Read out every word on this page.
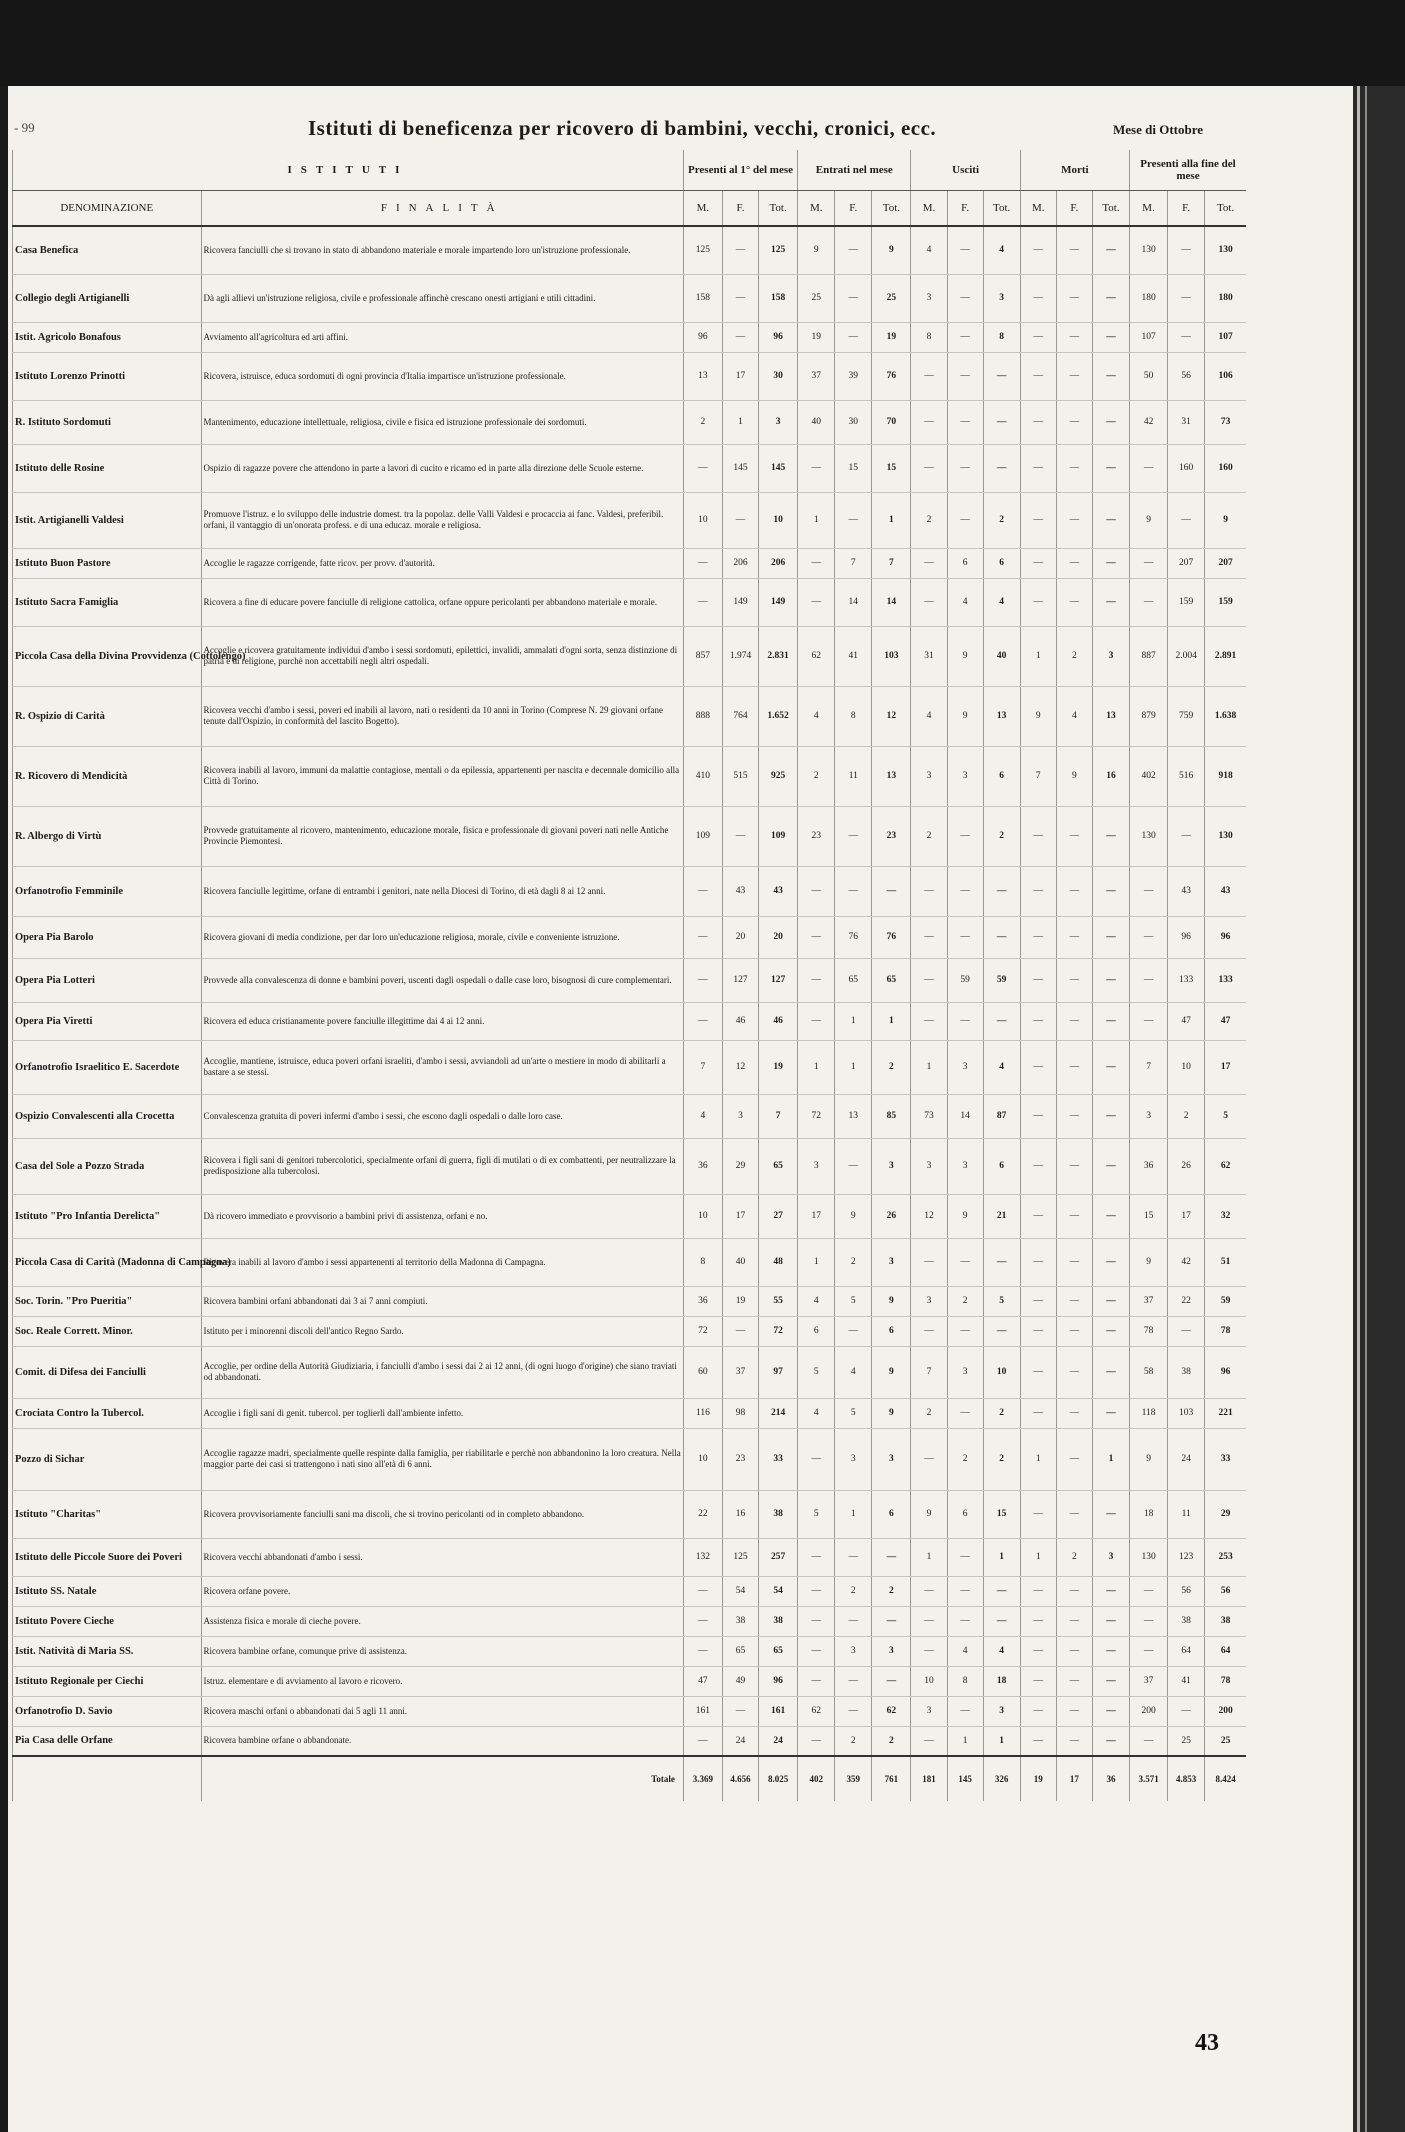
- 99	Istituti di beneficenza per ricovero di bambini, vecchi, cronici, ecc.	Mese di Ottobre
ISTITUTI		Presenti al 1° del mese			Entrati nel mese			Usciti			Morti			Presenti alla fine del mese		
DENOMINAZIONE	FINALITÀ	M.	F.	Tot.	M.	F.	Tot.	M.	F.	Tot.	M.	F.	Tot.	M.	F.	Tot.
Casa Benefica	Ricovera fanciulli che si trovano in stato di abbandono materiale e morale impartendo loro un'istruzione professionale.	125	—	125	9	—	9	4	—	4	—	—	—	130	—	130
Collegio degli Artigianelli	Dà agli allievi un'istruzione religiosa, civile e professionale affinchè crescano onesti artigiani e utili cittadini.	158	—	158	25	—	25	3	—	3	—	—	—	180	—	180
Istit. Agricolo Bonafous	Avviamento all'agricoltura ed arti affini.	96	—	96	19	—	19	8	—	8	—	—	—	107	—	107
Istituto Lorenzo Prinotti	Ricovera, istruisce, educa sordomuti di ogni provincia d'Italia impartisce un'istruzione professionale.	13	17	30	37	39	76	—	—	—	—	—	—	50	56	106
R. Istituto Sordomuti	Mantenimento, educazione intellettuale, religiosa, civile e fisica ed istruzione professionale dei sordomuti.	2	1	3	40	30	70	—	—	—	—	—	—	42	31	73
Istituto delle Rosine	Ospizio di ragazze povere che attendono in parte a lavori di cucito e ricamo ed in parte alla direzione delle Scuole esterne.	—	145	145	—	15	15	—	—	—	—	—	—	—	160	160
Istit. Artigianelli Valdesi	Promuove l'istruz. e lo sviluppo delle industrie domest. tra la popolaz. delle Valli Valdesi e procaccia ai fanc. Valdesi, preferibil. orfani, il vantaggio di un'onorata profess. e di una educaz. morale e religiosa.	10	—	10	1	—	1	2	—	2	—	—	—	9	—	9
Istituto Buon Pastore	Accoglie le ragazze corrigende, fatte ricov. per provv. d'autorità.	—	206	206	—	7	7	—	6	6	—	—	—	—	207	207
Istituto Sacra Famiglia	Ricovera a fine di educare povere fanciulle di religione cattolica, orfane oppure pericolanti per abbandono materiale e morale.	—	149	149	—	14	14	—	4	4	—	—	—	—	159	159
Piccola Casa della Divina Provvidenza (Cottolengo)	Accoglie e ricovera gratuitamente individui d'ambo i sessi sordomuti, epilettici, invalidi, ammalati d'ogni sorta, senza distinzione di patria e di religione, purchè non accettabili negli altri ospedali.	857	1.974	2.831	62	41	103	31	9	40	1	2	3	887	2.004	2.891
R. Ospizio di Carità	Ricovera vecchi d'ambo i sessi, poveri ed inabili al lavoro, nati o residenti da 10 anni in Torino (Comprese N. 29 giovani orfane tenute dall'Ospizio, in conformità del lascito Bogetto).	888	764	1.652	4	8	12	4	9	13	9	4	13	879	759	1.638
R. Ricovero di Mendicità	Ricovera inabili al lavoro, immuni da malattie contagiose, mentali o da epilessia, appartenenti per nascita e decennale domicilio alla Città di Torino.	410	515	925	2	11	13	3	3	6	7	9	16	402	516	918
R. Albergo di Virtù	Provvede gratuitamente al ricovero, mantenimento, educazione morale, fisica e professionale di giovani poveri nati nelle Antiche Provincie Piemontesi.	109	—	109	23	—	23	2	—	2	—	—	—	130	—	130
Orfanotrofio Femminile	Ricovera fanciulle legittime, orfane di entrambi i genitori, nate nella Diocesi di Torino, di età dagli 8 ai 12 anni.	—	43	43	—	—	—	—	—	—	—	—	—	—	43	43
Opera Pia Barolo	Ricovera giovani di media condizione, per dar loro un'educazione religiosa, morale, civile e conveniente istruzione.	—	20	20	—	76	76	—	—	—	—	—	—	—	96	96
Opera Pia Lotteri	Provvede alla convalescenza di donne e bambini poveri, uscenti dagli ospedali o dalle case loro, bisognosi di cure complementari.	—	127	127	—	65	65	—	59	59	—	—	—	—	133	133
Opera Pia Viretti	Ricovera ed educa cristianamente povere fanciulle illegittime dai 4 ai 12 anni.	—	46	46	—	1	1	—	—	—	—	—	—	—	47	47
Orfanotrofio Israelitico E. Sacerdote	Accoglie, mantiene, istruisce, educa poveri orfani israeliti, d'ambo i sessi, avviandoli ad un'arte o mestiere in modo di abilitarli a bastare a se stessi.	7	12	19	1	1	2	1	3	4	—	—	—	7	10	17
Ospizio Convalescenti alla Crocetta	Convalescenza gratuita di poveri infermi d'ambo i sessi, che escono dagli ospedali o dalle loro case.	4	3	7	72	13	85	73	14	87	—	—	—	3	2	5
Casa del Sole a Pozzo Strada	Ricovera i figli sani di genitori tubercolotici, specialmente orfani di guerra, figli di mutilati o di ex combattenti, per neutralizzare la predisposizione alla tubercolosi.	36	29	65	3	—	3	3	3	6	—	—	—	36	26	62
Istituto "Pro Infantia Derelicta"	Dà ricovero immediato e provvisorio a bambini privi di assistenza, orfani e no.	10	17	27	17	9	26	12	9	21	—	—	—	15	17	32
Piccola Casa di Carità (Madonna di Campagna)	Ricovera inabili al lavoro d'ambo i sessi appartenenti al territorio della Madonna di Campagna.	8	40	48	1	2	3	—	—	—	—	—	—	9	42	51
Soc. Torin. "Pro Pueritia"	Ricovera bambini orfani abbandonati dai 3 ai 7 anni compiuti.	36	19	55	4	5	9	3	2	5	—	—	—	37	22	59
Soc. Reale Corrett. Minor.	Istituto per i minorenni discoli dell'antico Regno Sardo.	72	—	72	6	—	6	—	—	—	—	—	—	78	—	78
Comit. di Difesa dei Fanciulli	Accoglie, per ordine della Autorità Giudiziaria, i fanciulli d'ambo i sessi dai 2 ai 12 anni, (di ogni luogo d'origine) che siano traviati od abbandonati.	60	37	97	5	4	9	7	3	10	—	—	—	58	38	96
Crociata Contro la Tubercol.	Accoglie i figli sani di genit. tubercol. per toglierli dall'ambiente infetto.	116	98	214	4	5	9	2	—	2	—	—	—	118	103	221
Pozzo di Sichar	Accoglie ragazze madri, specialmente quelle respinte dalla famiglia, per riabilitarle e perchè non abbandonino la loro creatura. Nella maggior parte dei casi si trattengono i nati sino all'età di 6 anni.	10	23	33	—	3	3	—	2	2	1	—	1	9	24	33
Istituto "Charitas"	Ricovera provvisoriamente fanciulli sani ma discoli, che si trovino pericolanti od in completo abbandono.	22	16	38	5	1	6	9	6	15	—	—	—	18	11	29
Istituto delle Piccole Suore dei Poveri	Ricovera vecchi abbandonati d'ambo i sessi.	132	125	257	—	—	—	1	—	1	1	2	3	130	123	253
Istituto SS. Natale	Ricovera orfane povere.	—	54	54	—	2	2	—	—	—	—	—	—	—	56	56
Istituto Povere Cieche	Assistenza fisica e morale di cieche povere.	—	38	38	—	—	—	—	—	—	—	—	—	—	38	38
Istit. Natività di Maria SS.	Ricovera bambine orfane, comunque prive di assistenza.	—	65	65	—	3	3	—	4	4	—	—	—	—	64	64
Istituto Regionale per Ciechi	Istruz. elementare e di avviamento al lavoro e ricovero.	47	49	96	—	—	—	10	8	18	—	—	—	37	41	78
Orfanotrofio D. Savio	Ricovera maschi orfani o abbandonati dai 5 agli 11 anni.	161	—	161	62	—	62	3	—	3	—	—	—	200	—	200
Pia Casa delle Orfane	Ricovera bambine orfane o abbandonate.	—	24	24	—	2	2	—	1	1	—	—	—	—	25	25
	Totale	3.369	4.656	8.025	402	359	761	181	145	326	19	17	36	3.571	4.853	8.424
43
